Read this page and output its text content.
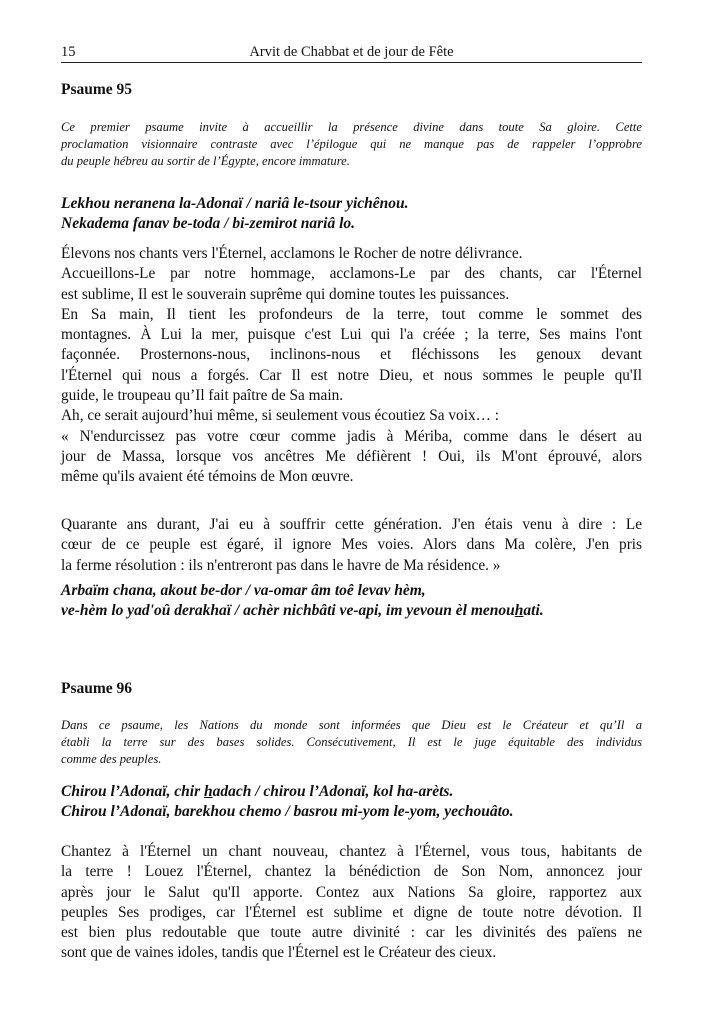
15	Arvit de Chabbat et de jour de Fête
Psaume 95
Ce premier psaume invite à accueillir la présence divine dans toute Sa gloire. Cette
proclamation visionnaire contraste avec l’épilogue qui ne manque pas de rappeler l’opprobre
du peuple hébreu au sortir de l’Égypte, encore immature.
Lekhou neranena la-Adonaï / nariâ le-tsour yichênou.
Nekadema fanav be-toda / bi-zemirot nariâ lo.
Élevons nos chants vers l'Éternel, acclamons le Rocher de notre délivrance.
Accueillons-Le par notre hommage, acclamons-Le par des chants, car l'Éternel
est sublime, Il est le souverain suprême qui domine toutes les puissances.
En Sa main, Il tient les profondeurs de la terre, tout comme le sommet des
montagnes. À Lui la mer, puisque c'est Lui qui l'a créée ; la terre, Ses mains l'ont
façonnée. Prosternons-nous, inclinons-nous et fléchissons les genoux devant
l'Éternel qui nous a forgés. Car Il est notre Dieu, et nous sommes le peuple qu'Il
guide, le troupeau qu’Il fait paître de Sa main.
Ah, ce serait aujourd’hui même, si seulement vous écoutiez Sa voix… :
« N'endurcissez pas votre cœur comme jadis à Mériba, comme dans le désert au
jour de Massa, lorsque vos ancêtres Me défièrent ! Oui, ils M'ont éprouvé, alors
même qu'ils avaient été témoins de Mon œuvre.
Quarante ans durant, J'ai eu à souffrir cette génération. J'en étais venu à dire : Le
cœur de ce peuple est égaré, il ignore Mes voies. Alors dans Ma colère, J'en pris
la ferme résolution : ils n'entreront pas dans le havre de Ma résidence. »
Arbaïm chana, akout be-dor / va-omar âm toê levav hèm,
ve-hèm lo yad'oû derakhaï / achèr nichbâti ve-api, im yevoun èl menouhati.
Psaume 96
Dans ce psaume, les Nations du monde sont informées que Dieu est le Créateur et qu’Il a
établi la terre sur des bases solides. Consécutivement, Il est le juge équitable des individus
comme des peuples.
Chirou l’Adonaï, chir hadach / chirou l’Adonaï, kol ha-arèts.
Chirou l’Adonaï, barekhou chemo / basrou mi-yom le-yom, yechouâto.
Chantez à l'Éternel un chant nouveau, chantez à l'Éternel, vous tous, habitants de
la terre ! Louez l'Éternel, chantez la bénédiction de Son Nom, annoncez jour
après jour le Salut qu'Il apporte. Contez aux Nations Sa gloire, rapportez aux
peuples Ses prodiges, car l'Éternel est sublime et digne de toute notre dévotion. Il
est bien plus redoutable que toute autre divinité : car les divinités des païens ne
sont que de vaines idoles, tandis que l'Éternel est le Créateur des cieux.
